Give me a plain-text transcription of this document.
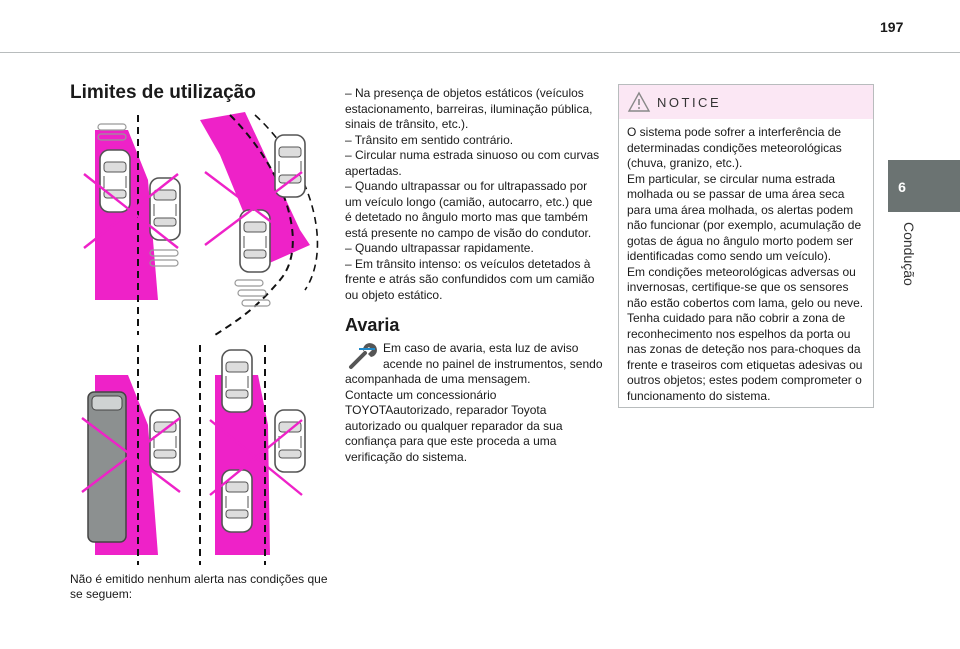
197
6
Condução
Limites de utilização
Não é emitido nenhum alerta nas condições que se seguem:

– Na presença de objetos estáticos (veículos estacionamento, barreiras, iluminação pública, sinais de trânsito, etc.).

– Trânsito em sentido contrário.

– Circular numa estrada sinuoso ou com curvas apertadas.

– Quando ultrapassar ou for ultrapassado por um veículo longo (camião, autocarro, etc.) que é detetado no ângulo morto mas que também está presente no campo de visão do condutor.

– Quando ultrapassar rapidamente.

– Em trânsito intenso: os veículos detetados à frente e atrás são confundidos com um camião ou objeto estático.

Avaria

Em caso de avaria, esta luz de aviso acende no painel de instrumentos, sendo acompanhada de uma mensagem.

Contacte um concessionário TOYOTAautorizado, reparador Toyota autorizado ou qualquer reparador da sua confiança para que este proceda a uma verificação do sistema.

NOTICE

O sistema pode sofrer a interferência de determinadas condições meteorológicas (chuva, granizo, etc.).

Em particular, se circular numa estrada molhada ou se passar de uma área seca para uma área molhada, os alertas podem não funcionar (por exemplo, acumulação de gotas de água no ângulo morto podem ser identificadas como sendo um veículo).

Em condições meteorológicas adversas ou invernosas, certifique-se que os sensores não estão cobertos com lama, gelo ou neve.

Tenha cuidado para não cobrir a zona de reconhecimento nos espelhos da porta ou nas zonas de deteção nos para-choques da frente e traseiros com etiquetas adesivas ou outros objetos; estes podem comprometer o funcionamento do sistema.
